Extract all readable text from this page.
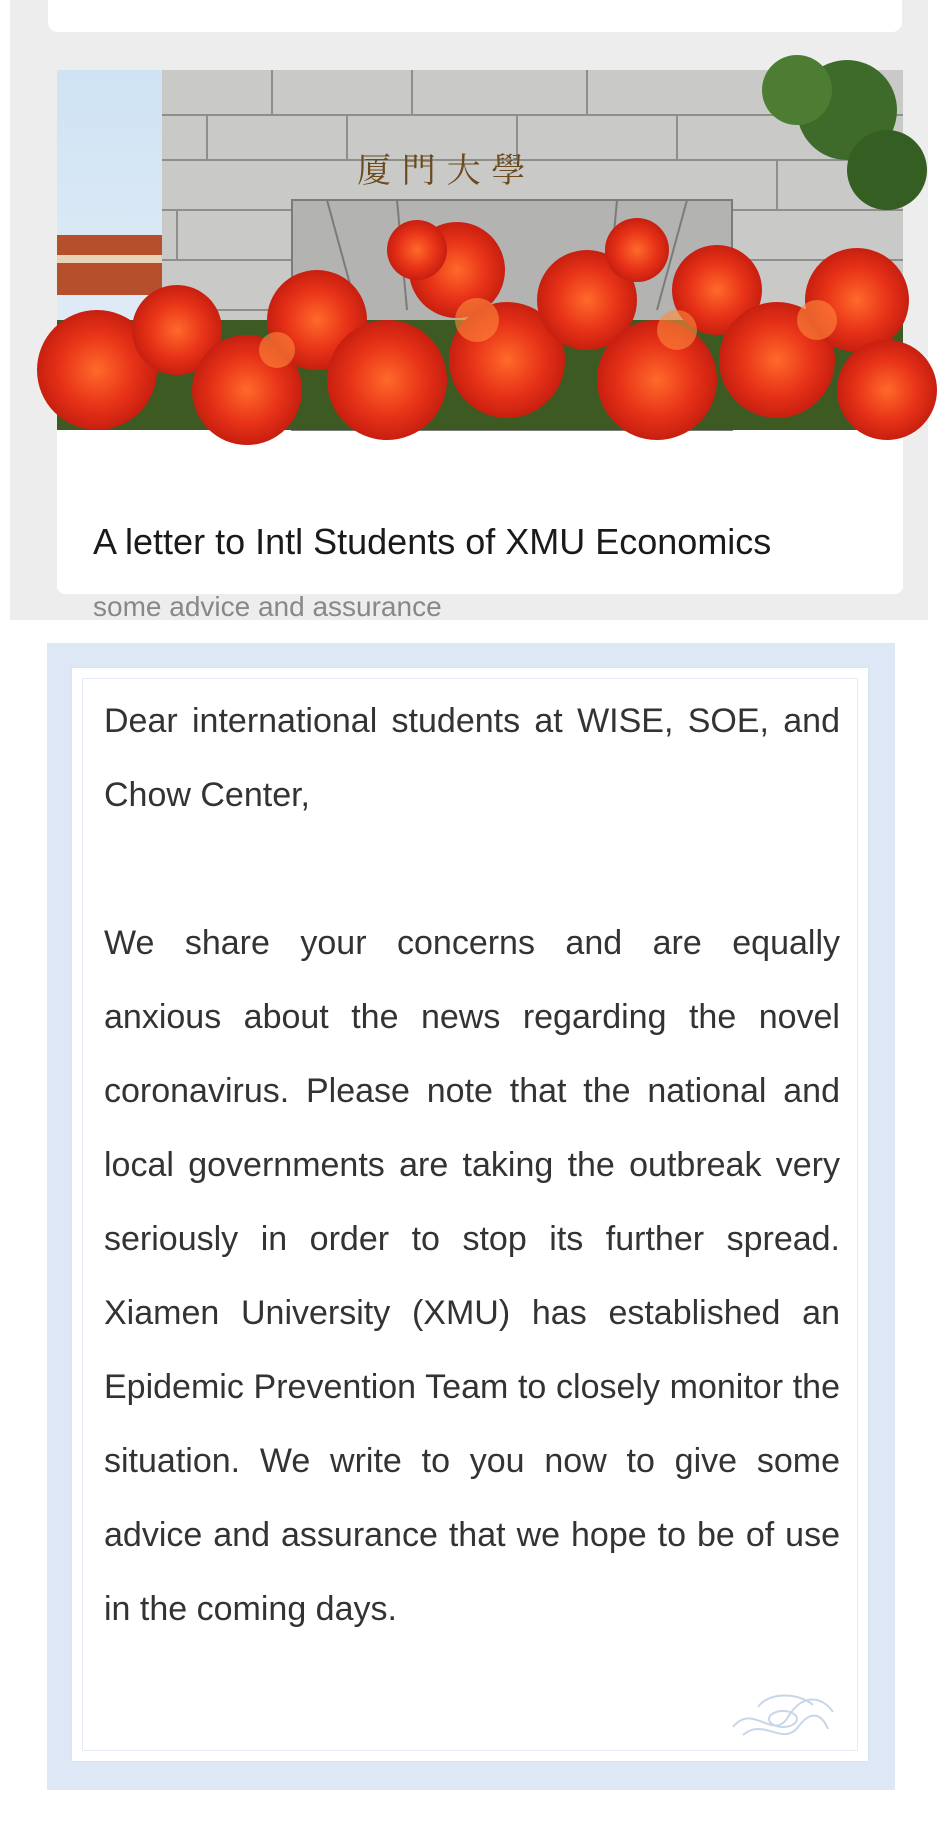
厦 門 大 學
A letter to Intl Students of XMU Economics
some advice and assurance

Dear international students at WISE, SOE, and Chow Center,

We share your concerns and are equally anxious about the news regarding the novel coronavirus. Please note that the national and local governments are taking the outbreak very seriously in order to stop its further spread. Xiamen University (XMU) has established an Epidemic Prevention Team to closely monitor the situation. We write to you now to give some advice and assurance that we hope to be of use in the coming days.
